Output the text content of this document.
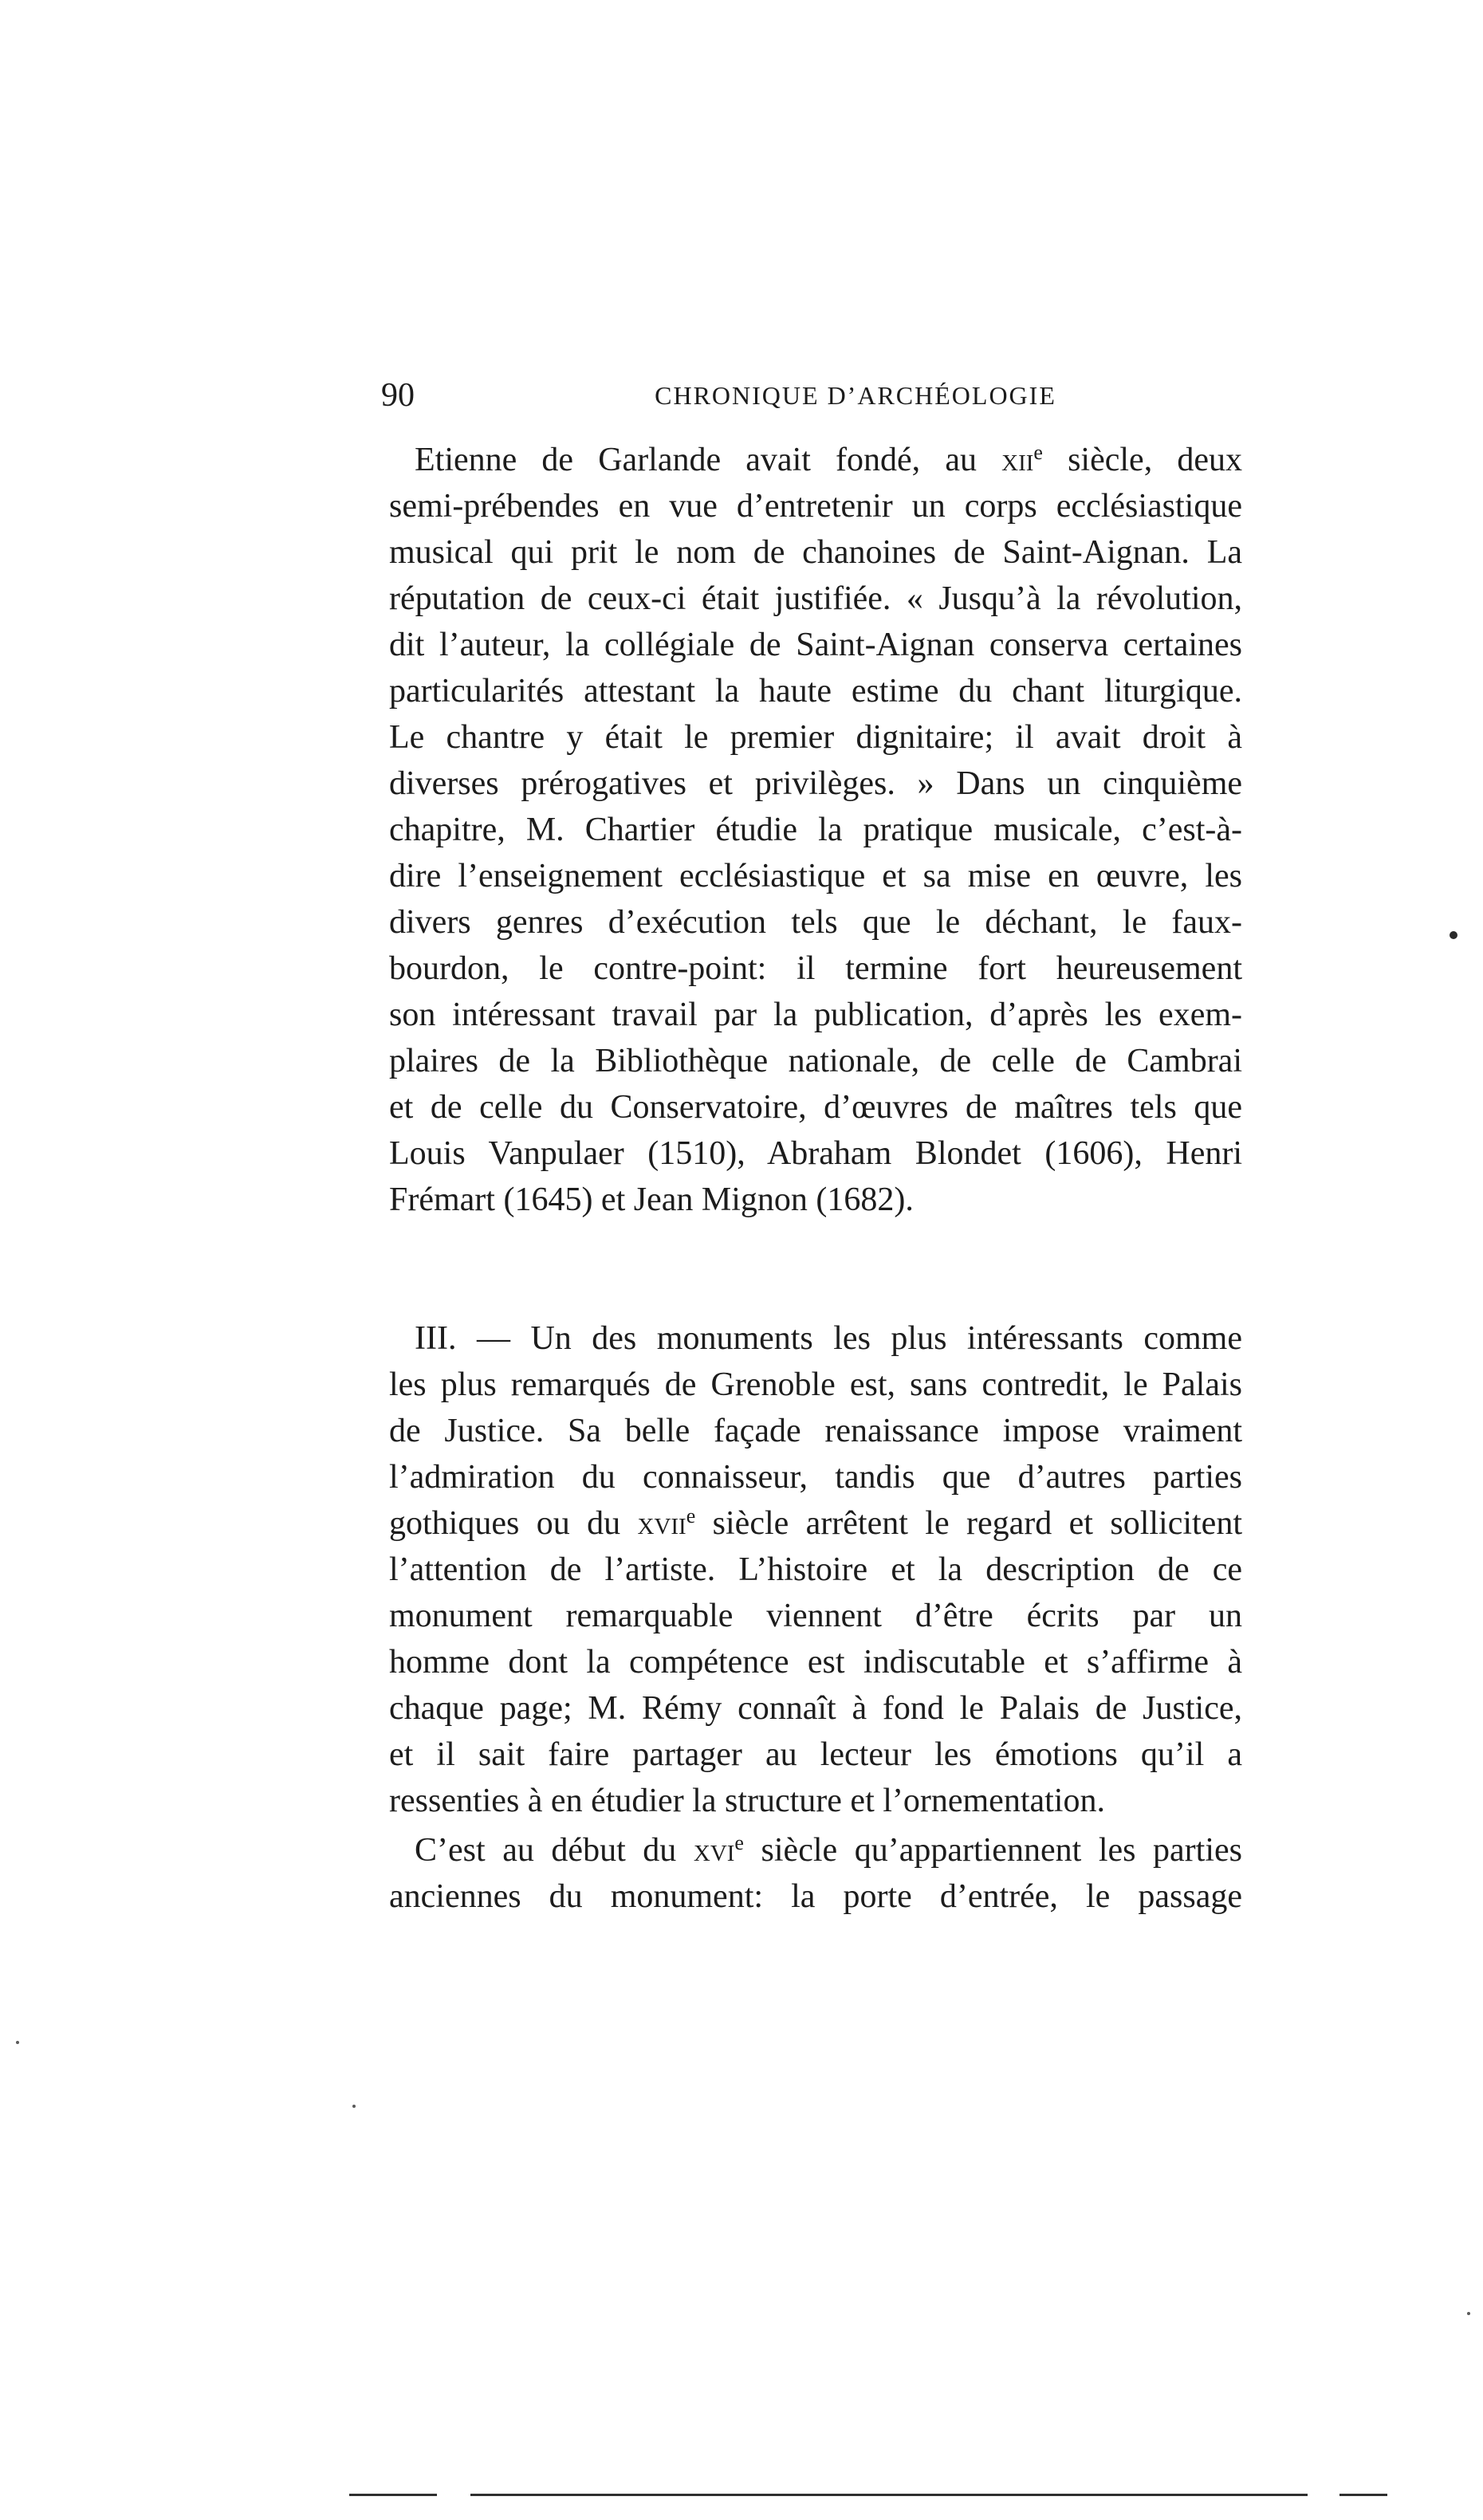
90	CHRONIQUE D’ARCHÉOLOGIE
Etienne de Garlande avait fondé, au xii$^e$ siècle, deux
semi-prébendes en vue d’entretenir un corps ecclésiastique
musical qui prit le nom de chanoines de Saint-Aignan. La
réputation de ceux-ci était justifiée. « Jusqu’à la révolution,
dit l’auteur, la collégiale de Saint-Aignan conserva certaines
particularités attestant la haute estime du chant liturgique.
Le chantre y était le premier dignitaire; il avait droit à
diverses prérogatives et privilèges. » Dans un cinquième
chapitre, M. Chartier étudie la pratique musicale, c’est-à-
dire l’enseignement ecclésiastique et sa mise en œuvre, les
divers genres d’exécution tels que le déchant, le faux-
bourdon, le contre-point: il termine fort heureusement
son intéressant travail par la publication, d’après les exem-
plaires de la Bibliothèque nationale, de celle de Cambrai
et de celle du Conservatoire, d’œuvres de maîtres tels que
Louis Vanpulaer (1510), Abraham Blondet (1606), Henri
Frémart (1645) et Jean Mignon (1682).
III. — Un des monuments les plus intéressants comme
les plus remarqués de Grenoble est, sans contredit, le Palais
de Justice. Sa belle façade renaissance impose vraiment
l’admiration du connaisseur, tandis que d’autres parties
gothiques ou du xvii$^e$ siècle arrêtent le regard et sollicitent
l’attention de l’artiste. L’histoire et la description de ce
monument remarquable viennent d’être écrits par un
homme dont la compétence est indiscutable et s’affirme à
chaque page; M. Rémy connaît à fond le Palais de Justice,
et il sait faire partager au lecteur les émotions qu’il a
ressenties à en étudier la structure et l’ornementation.
C’est au début du xvi$^e$ siècle qu’appartiennent les parties
anciennes du monument: la porte d’entrée, le passage
